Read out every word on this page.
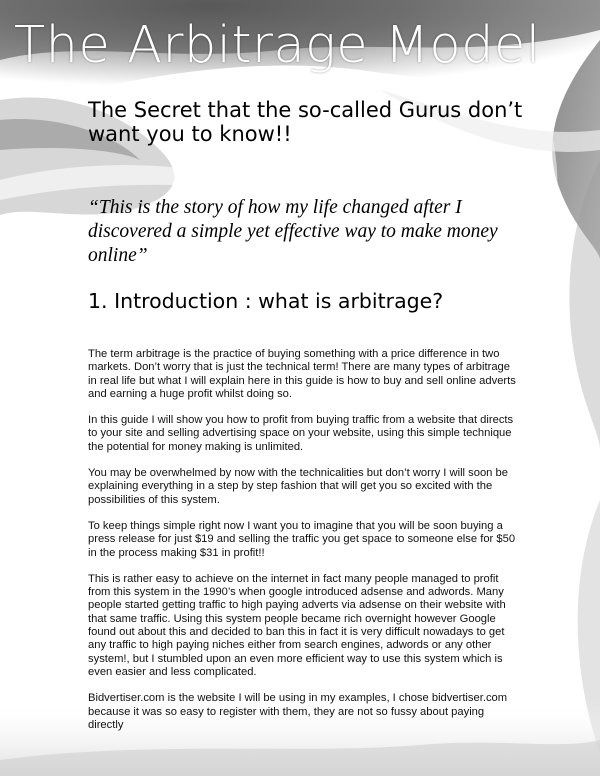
The Arbitrage Model
The Secret that the so-called Gurus don’t want you to know!!
“This is the story of how my life changed after I discovered a simple yet effective way to make money online”
1. Introduction : what is arbitrage?

The term arbitrage is the practice of buying something with a price difference in two markets. Don’t worry that is just the technical term! There are many types of arbitrage in real life but what I will explain here in this guide is how to buy and sell online adverts and earning a huge profit whilst doing so.

In this guide I will show you how to profit from buying traffic from a website that directs to your site and selling advertising space on your website, using this simple technique the potential for money making is unlimited.

You may be overwhelmed by now with the technicalities but don’t worry I will soon be explaining everything in a step by step fashion that will get you so excited with the possibilities of this system.

To keep things simple right now I want you to imagine that you will be soon buying a press release for just $19 and selling the traffic you get space to someone else for $50 in the process making $31 in profit!!

This is rather easy to achieve on the internet in fact many people managed to profit from this system in the 1990’s when google introduced adsense and adwords. Many people started getting traffic to high paying adverts via adsense on their website with that same traffic. Using this system people became rich overnight however Google found out about this and decided to ban this in fact it is very difficult nowadays to get any traffic to high paying niches either from search engines, adwords or any other system!, but I stumbled upon an even more efficient way to use this system which is even easier and less complicated.

Bidvertiser.com is the website I will be using in my examples, I chose bidvertiser.com because it was so easy to register with them, they are not so fussy about paying directly
